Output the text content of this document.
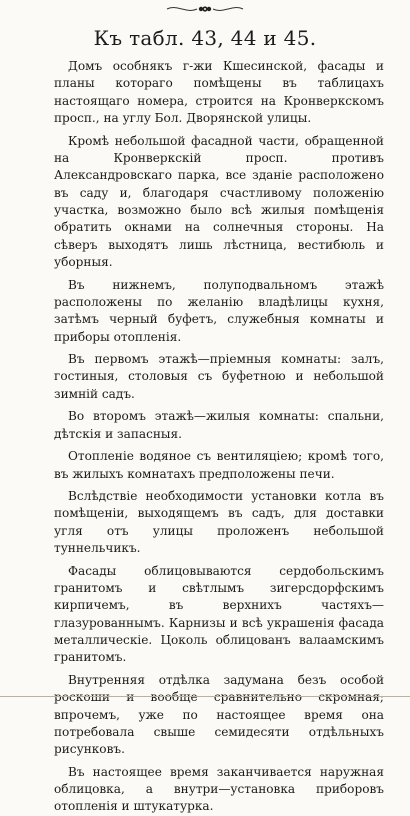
Къ табл. 43, 44 и 45.

Домъ особнякъ г-жи Кшесинской, фасады и планы котораго помѣщены въ таблицахъ настоящаго номера, строится на Кронверкскомъ просп., на углу Бол. Дворянской улицы.

Кромѣ небольшой фасадной части, обращенной на Кронверкскій просп. противъ Александровскаго парка, все зданіе расположено въ саду и, благодаря счастливому положенію участка, возможно было всѣ жилыя помѣщенія обратить окнами на солнечныя стороны. На сѣверъ выходятъ лишь лѣстница, вестибюль и уборныя.

Въ нижнемъ, полуподвальномъ этажѣ расположены по желанію владѣлицы кухня, затѣмъ черный буфетъ, служебныя комнаты и приборы отопленія.

Въ первомъ этажѣ—пріемныя комнаты: залъ, гостиныя, столовыя съ буфетною и небольшой зимній садъ.

Во второмъ этажѣ—жилыя комнаты: спальни, дѣтскія и запасныя.

Отопленіе водяное съ вентиляціею; кромѣ того, въ жилыхъ комнатахъ предположены печи.

Вслѣдствіе необходимости установки котла въ помѣщеніи, выходящемъ въ садъ, для доставки угля отъ улицы проложенъ небольшой туннельчикъ.

Фасады облицовываются сердобольскимъ гранитомъ и свѣтлымъ зигерсдорфскимъ кирпичемъ, въ верхнихъ частяхъ—глазурованнымъ. Карнизы и всѣ украшенія фасада металлическіе. Цоколь облицованъ валаамскимъ гранитомъ.

Внутренняя отдѣлка задумана безъ особой роскоши и вообще сравнительно скромная; впрочемъ, уже по настоящее время она потребовала свыше семидесяти отдѣльныхъ рисунковъ.

Въ настоящее время заканчивается наружная облицовка, а внутри—установка приборовъ отопленія и штукатурка.
